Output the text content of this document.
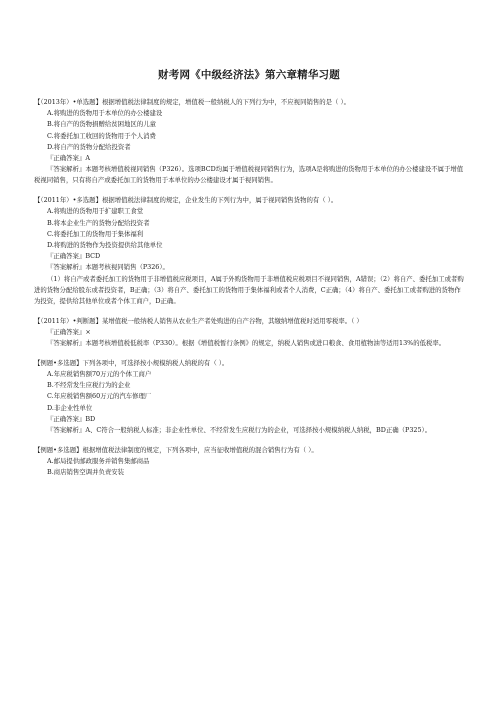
财考网《中级经济法》第六章精华习题

【（2013年）•单选题】根据增值税法律制度的规定，增值税一般纳税人的下列行为中，不应视同销售的是（ ）。

A.将购进的货物用于本单位的办公楼建设

B.将自产的货物捐赠给贫困地区的儿童

C.将委托加工收回的货物用于个人消费

D.将自产的货物分配给投资者

『正确答案』A

『答案解析』本题考核增值税视同销售（P326）。选项BCD均属于增值税视同销售行为，选项A是将购进的货物用于本单位的办公楼建设不属于增值税视同销售，只有将自产或委托加工的货物用于本单位的办公楼建设才属于视同销售。

【（2011年）•多选题】根据增值税法律制度的规定，企业发生的下列行为中，属于视同销售货物的有（ ）。

A.将购进的货物用于扩建职工食堂

B.将本企业生产的货物分配给投资者

C.将委托加工的货物用于集体福利

D.将购进的货物作为投资提供给其他单位

『正确答案』BCD

『答案解析』本题考核视同销售（P326）。

（1）将自产或者委托加工的货物用于非增值税应税项目，A属于外购货物用于非增值税应税项目不视同销售，A错误；（2）将自产、委托加工或者购进的货物分配给股东或者投资者，B正确；（3）将自产、委托加工的货物用于集体福利或者个人消费，C正确；（4）将自产、委托加工或者购进的货物作为投资，提供给其他单位或者个体工商户，D正确。

【（2011年）•判断题】某增值税一般纳税人销售从农业生产者处购进的自产谷物，其缴纳增值税时适用零税率。（ ）

『正确答案』×

『答案解析』本题考核增值税低税率（P330）。根据《增值税暂行条例》的规定，纳税人销售或进口粮食、食用植物油等适用13%的低税率。

【例题•多选题】下列各项中，可选择按小规模纳税人纳税的有（ ）。

A.年应税销售额70万元的个体工商户

B.不经常发生应税行为的企业

C.年应税销售额60万元的汽车修理厂

D.非企业性单位

『正确答案』BD

『答案解析』A、C符合一般纳税人标准；非企业性单位、不经常发生应税行为的企业，可选择按小规模纳税人纳税，BD正确（P325）。

【例题•多选题】根据增值税法律制度的规定，下列各项中，应当征收增值税的混合销售行为有（ ）。

A.邮局提供邮政服务并销售集邮商品

B.商店销售空调并负责安装
